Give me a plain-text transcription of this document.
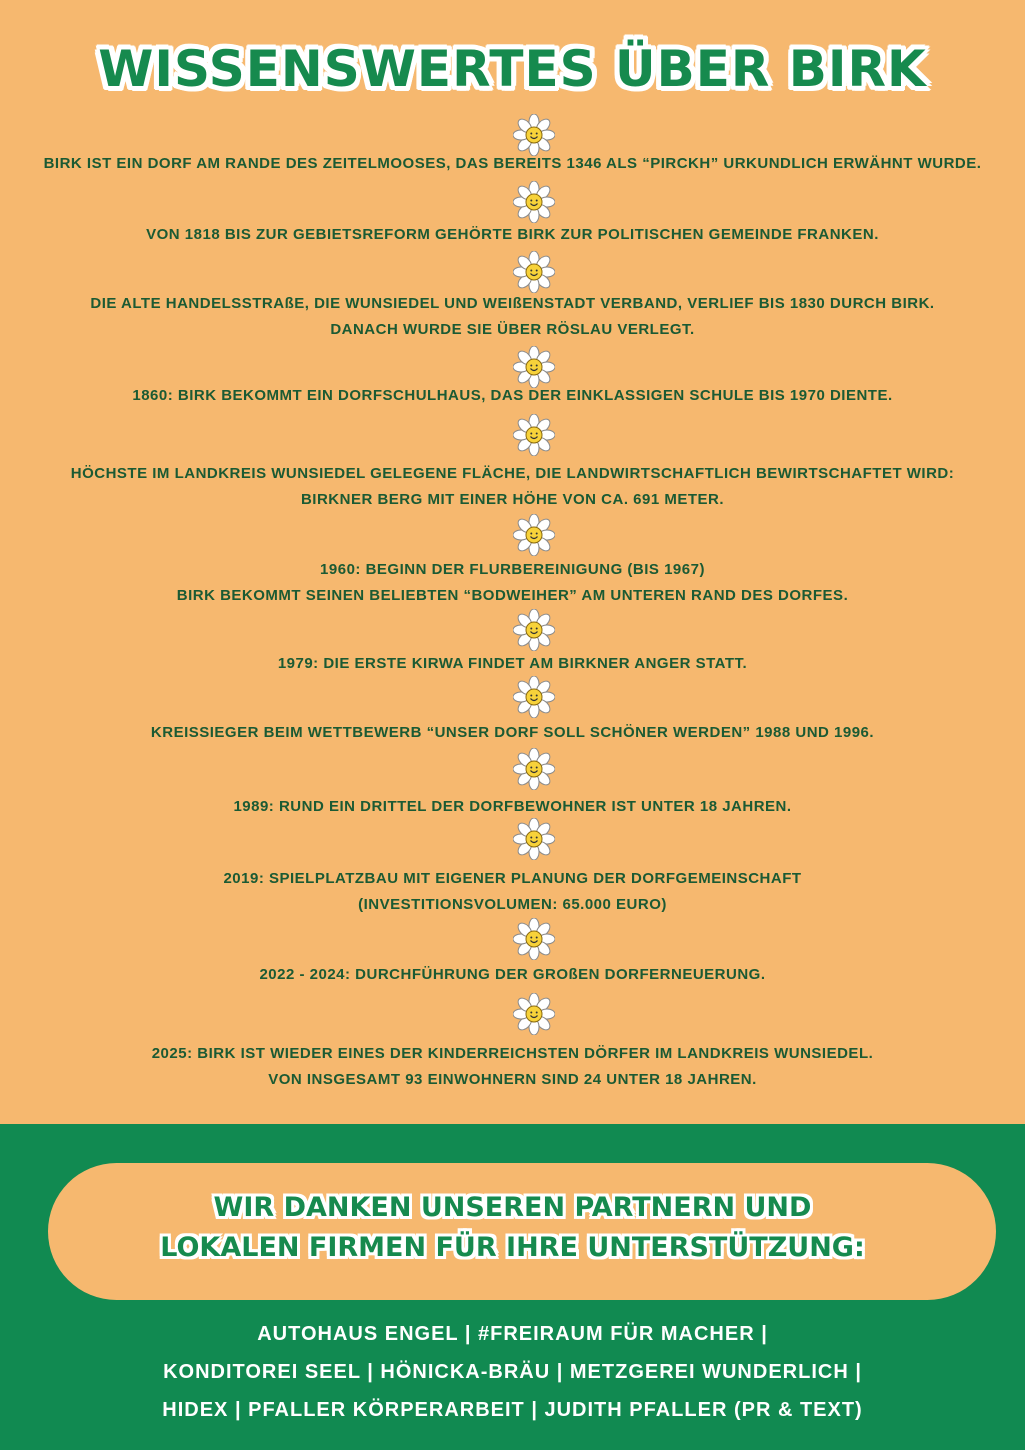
WISSENSWERTES ÜBER BIRK
BIRK IST EIN DORF AM RANDE DES ZEITELMOOSES, DAS BEREITS 1346 ALS “PIRCKH” URKUNDLICH ERWÄHNT WURDE.
VON 1818 BIS ZUR GEBIETSREFORM GEHÖRTE BIRK ZUR POLITISCHEN GEMEINDE FRANKEN.
DIE ALTE HANDELSSTRAßE, DIE WUNSIEDEL UND WEIßENSTADT VERBAND, VERLIEF BIS 1830 DURCH BIRK.
DANACH WURDE SIE ÜBER RÖSLAU VERLEGT.
1860: BIRK BEKOMMT EIN DORFSCHULHAUS, DAS DER EINKLASSIGEN SCHULE BIS 1970 DIENTE.
HÖCHSTE IM LANDKREIS WUNSIEDEL GELEGENE FLÄCHE, DIE LANDWIRTSCHAFTLICH BEWIRTSCHAFTET WIRD:
BIRKNER BERG MIT EINER HÖHE VON CA. 691 METER.
1960: BEGINN DER FLURBEREINIGUNG (BIS 1967)
BIRK BEKOMMT SEINEN BELIEBTEN “BODWEIHER” AM UNTEREN RAND DES DORFES.
1979: DIE ERSTE KIRWA FINDET AM BIRKNER ANGER STATT.
KREISSIEGER BEIM WETTBEWERB “UNSER DORF SOLL SCHÖNER WERDEN” 1988 UND 1996.
1989: RUND EIN DRITTEL DER DORFBEWOHNER IST UNTER 18 JAHREN.
2019: SPIELPLATZBAU MIT EIGENER PLANUNG DER DORFGEMEINSCHAFT
(INVESTITIONSVOLUMEN: 65.000 EURO)
2022 - 2024: DURCHFÜHRUNG DER GROßEN DORFERNEUERUNG.
2025: BIRK IST WIEDER EINES DER KINDERREICHSTEN DÖRFER IM LANDKREIS WUNSIEDEL.
VON INSGESAMT 93 EINWOHNERN SIND 24 UNTER 18 JAHREN.
WIR DANKEN UNSEREN PARTNERN UND
LOKALEN FIRMEN FÜR IHRE UNTERSTÜTZUNG:
AUTOHAUS ENGEL | #FREIRAUM FÜR MACHER |
KONDITOREI SEEL | HÖNICKA-BRÄU | METZGEREI WUNDERLICH |
HIDEX | PFALLER KÖRPERARBEIT | JUDITH PFALLER (PR & TEXT)
